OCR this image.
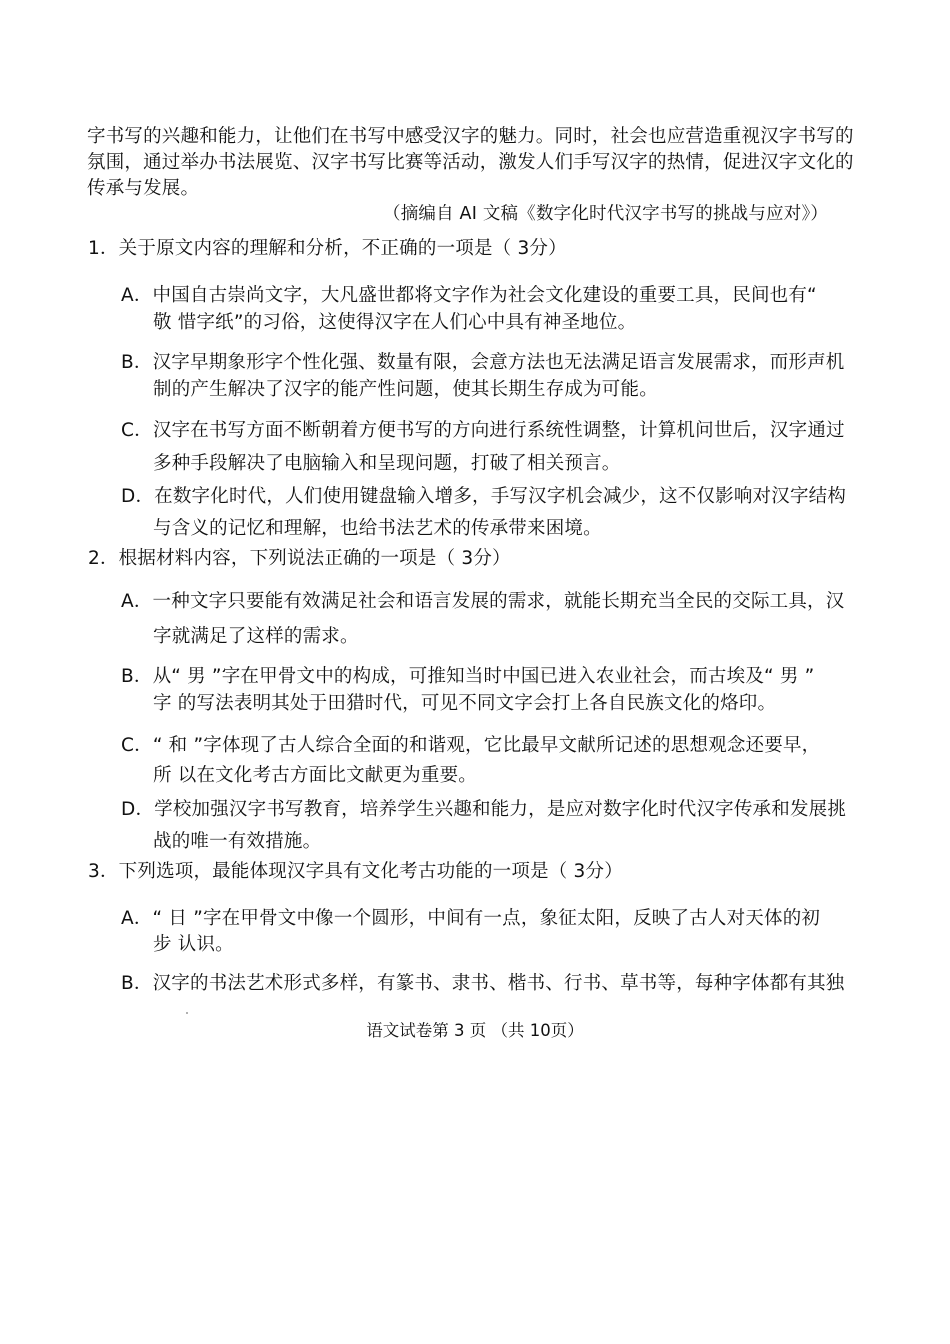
字书写的兴趣和能力，让他们在书写中感受汉字的魅力。同时，社会也应营造重视汉字书写的
氛围，通过举办书法展览、汉字书写比赛等活动，激发人们手写汉字的热情，促进汉字文化的
传承与发展。
（摘编自 AI 文稿《数字化时代汉字书写的挑战与应对》）
1．关于原文内容的理解和分析，不正确的一项是（ 3分）
A．中国自古崇尚文字，大凡盛世都将文字作为社会文化建设的重要工具，民间也有“
敬 惜字纸”的习俗，这使得汉字在人们心中具有神圣地位。
B．汉字早期象形字个性化强、数量有限，会意方法也无法满足语言发展需求，而形声机
制的产生解决了汉字的能产性问题，使其长期生存成为可能。
C．汉字在书写方面不断朝着方便书写的方向进行系统性调整，计算机问世后，汉字通过
多种手段解决了电脑输入和呈现问题，打破了相关预言。
D．在数字化时代，人们使用键盘输入增多，手写汉字机会减少，这不仅影响对汉字结构
与含义的记忆和理解，也给书法艺术的传承带来困境。
2．根据材料内容，下列说法正确的一项是（ 3分）
A．一种文字只要能有效满足社会和语言发展的需求，就能长期充当全民的交际工具，汉
字就满足了这样的需求。
B．从“ 男 ”字在甲骨文中的构成，可推知当时中国已进入农业社会，而古埃及“ 男 ”
字 的写法表明其处于田猎时代，可见不同文字会打上各自民族文化的烙印。
C．“ 和 ”字体现了古人综合全面的和谐观，它比最早文献所记述的思想观念还要早，
所 以在文化考古方面比文献更为重要。
D．学校加强汉字书写教育，培养学生兴趣和能力，是应对数字化时代汉字传承和发展挑
战的唯一有效措施。
3．下列选项，最能体现汉字具有文化考古功能的一项是（ 3分）
A．“ 日 ”字在甲骨文中像一个圆形，中间有一点，象征太阳，反映了古人对天体的初
步 认识。
B．汉字的书法艺术形式多样，有篆书、隶书、楷书、行书、草书等，每种字体都有其独
语文试卷第 3 页 （共 10页）
